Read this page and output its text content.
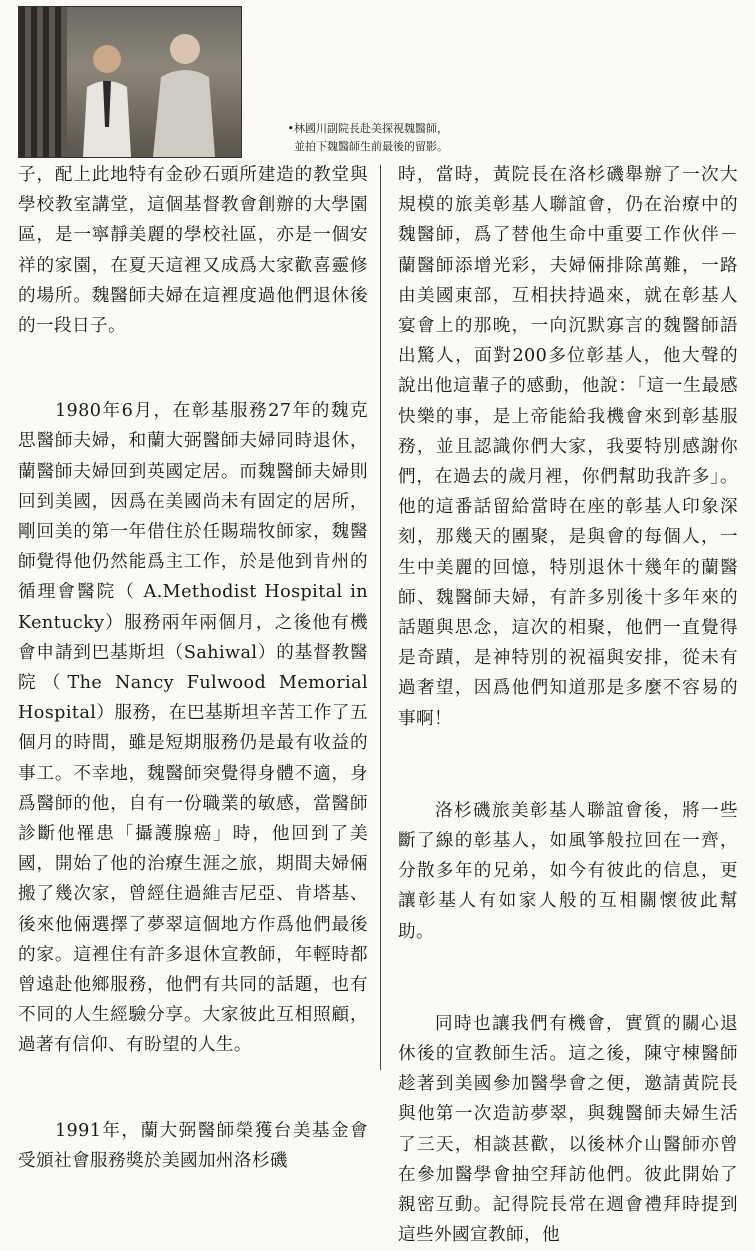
•林國川副院長赴美探視魏醫師，
並拍下魏醫師生前最後的留影。

子，配上此地特有金砂石頭所建造的教堂與學校教室講堂，這個基督教會創辦的大學園區，是一寧靜美麗的學校社區，亦是一個安祥的家園，在夏天這裡又成爲大家歡喜靈修的場所。魏醫師夫婦在這裡度過他們退休後的一段日子。

1980年6月，在彰基服務27年的魏克思醫師夫婦，和蘭大弼醫師夫婦同時退休，蘭醫師夫婦回到英國定居。而魏醫師夫婦則回到美國，因爲在美國尚未有固定的居所，剛回美的第一年借住於任賜瑞牧師家，魏醫師覺得他仍然能爲主工作，於是他到肯州的循理會醫院（ A.Methodist Hospital in Kentucky）服務兩年兩個月，之後他有機會申請到巴基斯坦（Sahiwal）的基督教醫院（The Nancy Fulwood Memorial Hospital）服務，在巴基斯坦辛苦工作了五個月的時間，雖是短期服務仍是最有收益的事工。不幸地，魏醫師突覺得身體不適，身爲醫師的他，自有一份職業的敏感，當醫師診斷他罹患「攝護腺癌」時，他回到了美國，開始了他的治療生涯之旅，期間夫婦倆搬了幾次家，曾經住過維吉尼亞、肯塔基、後來他倆選擇了夢翠這個地方作爲他們最後的家。這裡住有許多退休宣教師，年輕時都曾遠赴他鄉服務，他們有共同的話題，也有不同的人生經驗分享。大家彼此互相照顧，過著有信仰、有盼望的人生。

1991年，蘭大弼醫師榮獲台美基金會受頒社會服務獎於美國加州洛杉磯

時，當時，黃院長在洛杉磯舉辦了一次大規模的旅美彰基人聯誼會，仍在治療中的魏醫師，爲了替他生命中重要工作伙伴－蘭醫師添增光彩，夫婦倆排除萬難，一路由美國東部，互相扶持過來，就在彰基人宴會上的那晚，一向沉默寡言的魏醫師語出驚人，面對200多位彰基人，他大聲的說出他這輩子的感動，他說：「這一生最感快樂的事，是上帝能給我機會來到彰基服務，並且認識你們大家，我要特別感謝你們，在過去的歲月裡，你們幫助我許多」。他的這番話留給當時在座的彰基人印象深刻，那幾天的團聚，是與會的每個人，一生中美麗的回憶，特別退休十幾年的蘭醫師、魏醫師夫婦，有許多別後十多年來的話題與思念，這次的相聚，他們一直覺得是奇蹟，是神特別的祝福與安排，從未有過奢望，因爲他們知道那是多麼不容易的事啊！

洛杉磯旅美彰基人聯誼會後，將一些斷了線的彰基人，如風箏般拉回在一齊，分散多年的兄弟，如今有彼此的信息，更讓彰基人有如家人般的互相關懷彼此幫助。

同時也讓我們有機會，實質的關心退休後的宣教師生活。這之後，陳守棟醫師趁著到美國參加醫學會之便，邀請黃院長與他第一次造訪夢翠，與魏醫師夫婦生活了三天，相談甚歡，以後林介山醫師亦曾在參加醫學會抽空拜訪他們。彼此開始了親密互動。記得院長常在週會禮拜時提到這些外國宣教師，他
